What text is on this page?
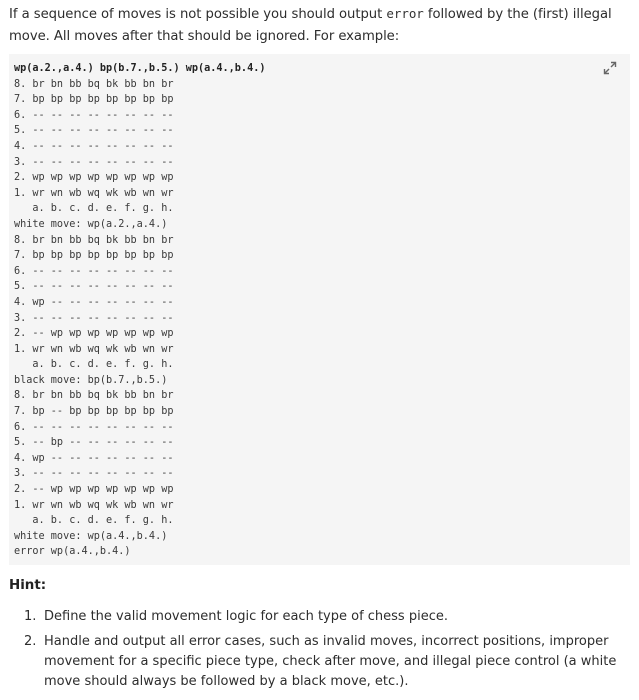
If a sequence of moves is not possible you should output error followed by the (first) illegal move. All moves after that should be ignored. For example:

wp(a.2.,a.4.) bp(b.7.,b.5.) wp(a.4.,b.4.)
8. br bn bb bq bk bb bn br
7. bp bp bp bp bp bp bp bp
6. -- -- -- -- -- -- -- --
5. -- -- -- -- -- -- -- --
4. -- -- -- -- -- -- -- --
3. -- -- -- -- -- -- -- --
2. wp wp wp wp wp wp wp wp
1. wr wn wb wq wk wb wn wr
a. b. c. d. e. f. g. h.
white move: wp(a.2.,a.4.)
8. br bn bb bq bk bb bn br
7. bp bp bp bp bp bp bp bp
6. -- -- -- -- -- -- -- --
5. -- -- -- -- -- -- -- --
4. wp -- -- -- -- -- -- --
3. -- -- -- -- -- -- -- --
2. -- wp wp wp wp wp wp wp
1. wr wn wb wq wk wb wn wr
a. b. c. d. e. f. g. h.
black move: bp(b.7.,b.5.)
8. br bn bb bq bk bb bn br
7. bp -- bp bp bp bp bp bp
6. -- -- -- -- -- -- -- --
5. -- bp -- -- -- -- -- --
4. wp -- -- -- -- -- -- --
3. -- -- -- -- -- -- -- --
2. -- wp wp wp wp wp wp wp
1. wr wn wb wq wk wb wn wr
a. b. c. d. e. f. g. h.
white move: wp(a.4.,b.4.)
error wp(a.4.,b.4.)
Hint:
1. Define the valid movement logic for each type of chess piece.
2. Handle and output all error cases, such as invalid moves, incorrect positions, improper movement for a specific piece type, check after move, and illegal piece control (a white move should always be followed by a black move, etc.).
